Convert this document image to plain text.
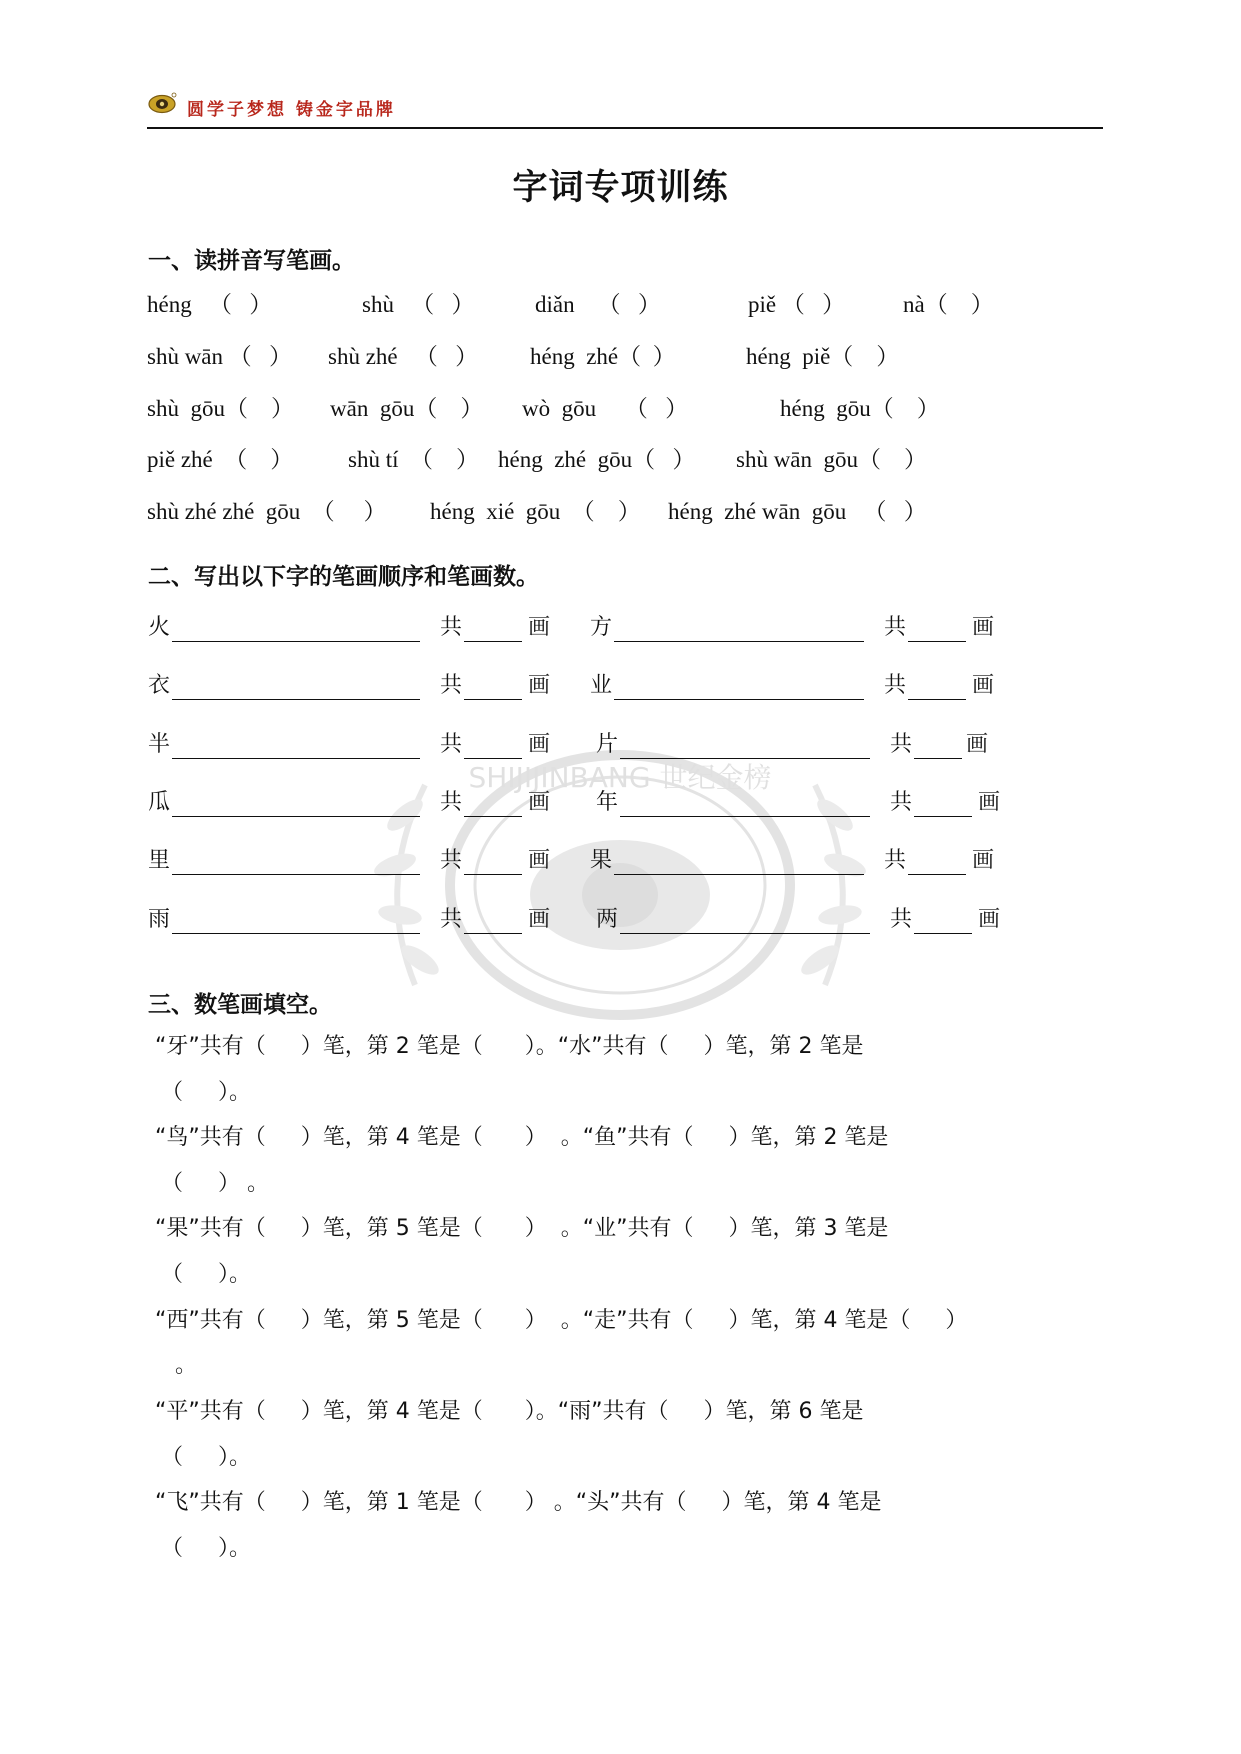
圆学子梦想 铸金字品牌
SHIJIJINBANG 世纪金榜
字词专项训练
一、读拼音写笔画。
héng   （   ）	shù   （   ）	diǎn    （   ）	piě （   ）	nà（    ）
shù wān （   ） shù zhé   （   ） héng  zhé（  ）	héng  piě（    ）
shù  gōu（    ） wān  gōu（    ） wò  gōu     （   ）	héng  gōu（    ）
piě zhé  （    ） shù tí  （    ） héng  zhé  gōu（   ） shù wān  gōu（    ）
shù zhé zhé  gōu  （     ） héng  xié  gōu  （    ） héng  zhé wān  gōu   （   ）
二、写出以下字的笔画顺序和笔画数。
火	共	画 方	共	画
衣	共	画 业	共	画
半	共	画 片	共 画
瓜	共	画 年	共	画
里	共	画 果	共	画
雨	共	画 两	共	画
三、数笔画填空。

“牙”共有（     ）笔，第 2 笔是（      ）。“水”共有（     ）笔，第 2 笔是

（     ）。

“鸟”共有（     ）笔，第 4 笔是（      ）  。“鱼”共有（     ）笔，第 2 笔是

（     ） 。

“果”共有（     ）笔，第 5 笔是（      ）  。“业”共有（     ）笔，第 3 笔是

（     ）。

“西”共有（     ）笔，第 5 笔是（      ）  。“走”共有（     ）笔，第 4 笔是（     ）

。

“平”共有（     ）笔，第 4 笔是（      ）。“雨”共有（     ）笔，第 6 笔是

（     ）。

“飞”共有（     ）笔，第 1 笔是（      ） 。“头”共有（     ）笔，第 4 笔是

（     ）。
